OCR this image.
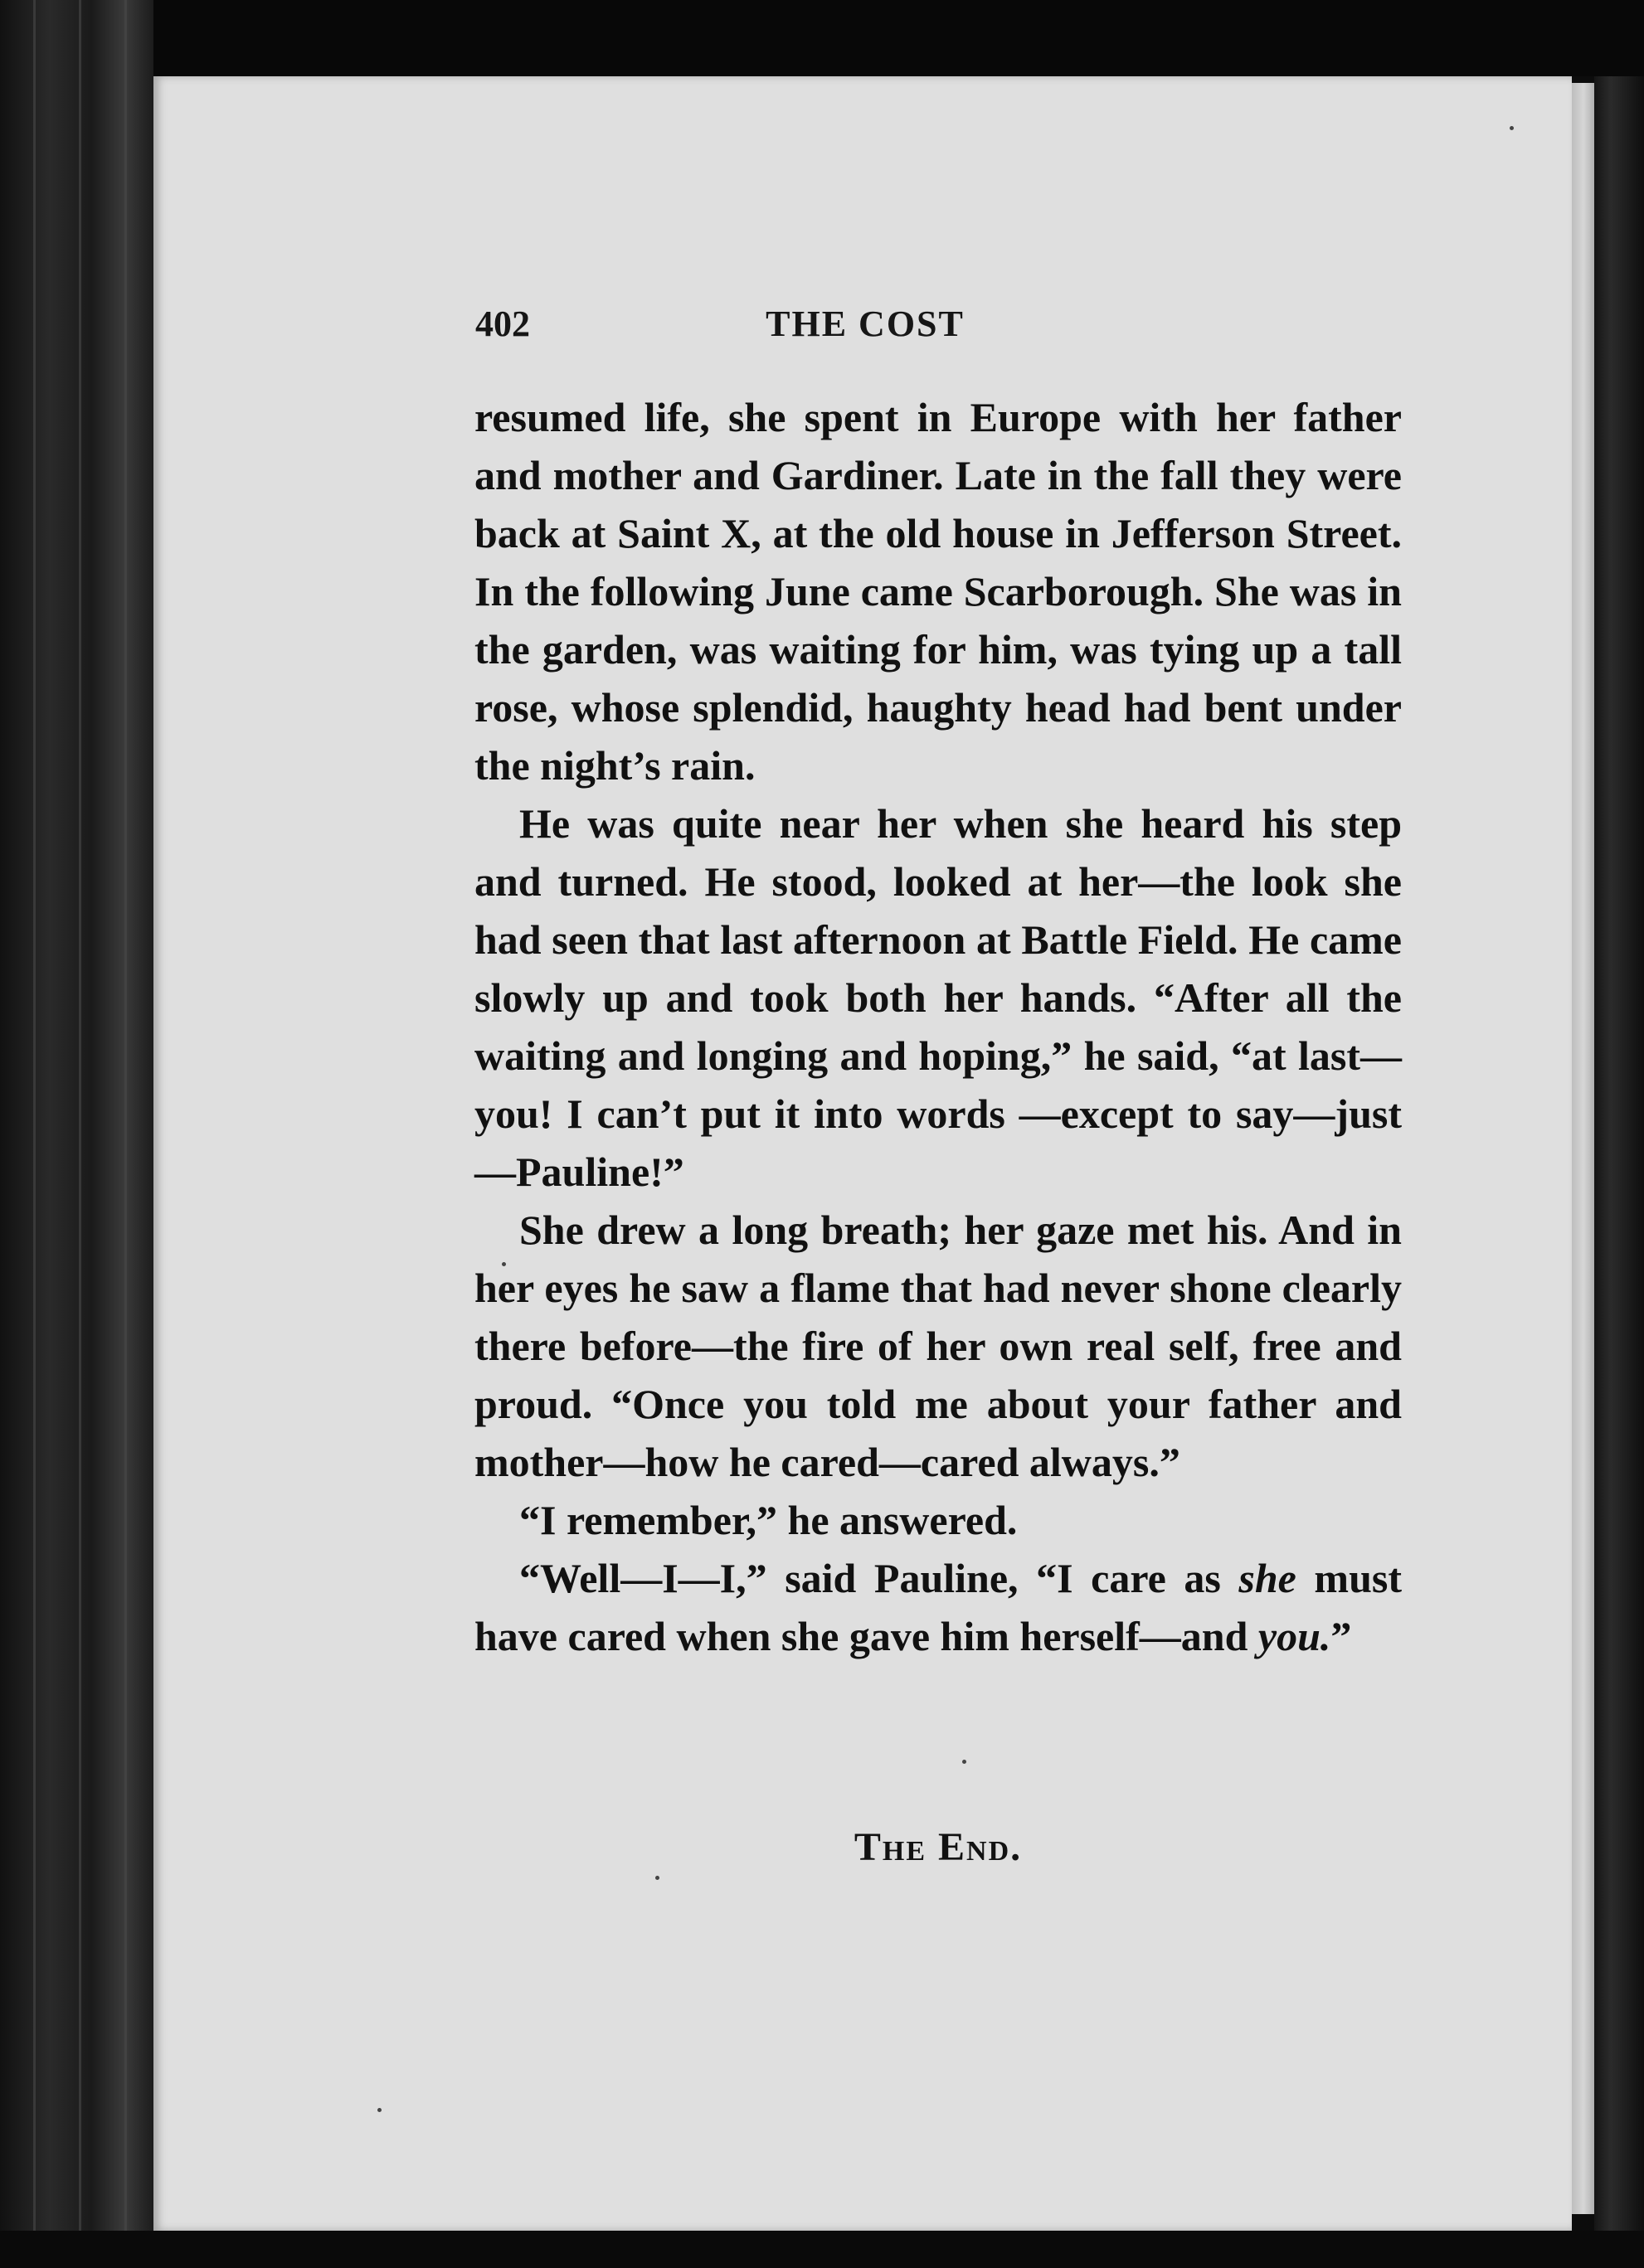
402	THE COST

resumed life, she spent in Europe with her father and mother and Gardiner. Late in the fall they were back at Saint X, at the old house in Jefferson Street. In the following June came Scarborough. She was in the garden, was waiting for him, was tying up a tall rose, whose splendid, haughty head had bent under the night’s rain.

He was quite near her when she heard his step and turned. He stood, looked at her—the look she had seen that last afternoon at Battle Field. He came slowly up and took both her hands. “After all the waiting and longing and hoping,” he said, “at last—you! I can’t put it into words —except to say—just—Pauline!”

She drew a long breath; her gaze met his. And in her eyes he saw a flame that had never shone clearly there before—the fire of her own real self, free and proud. “Once you told me about your father and mother—how he cared—cared always.”

“I remember,” he answered.

“Well—I—I,” said Pauline, “I care as she must have cared when she gave him herself—and you.”

The End.
